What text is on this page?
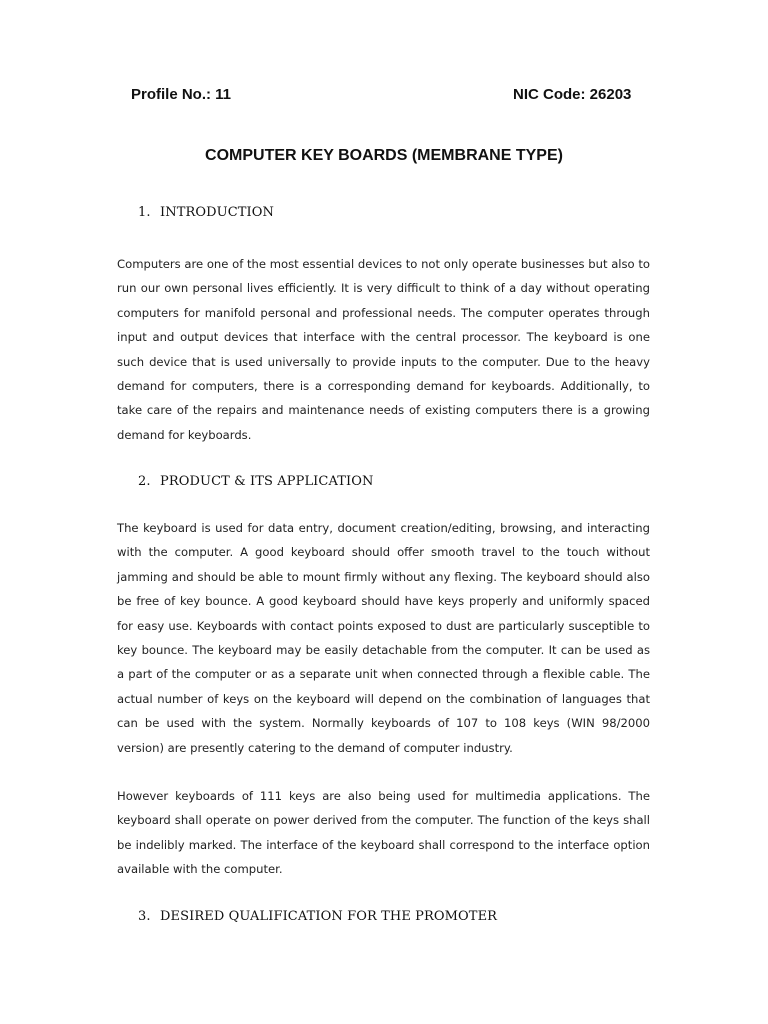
Profile No.: 11	NIC Code: 26203
COMPUTER KEY BOARDS (MEMBRANE TYPE)
1. INTRODUCTION
Computers are one of the most essential devices to not only operate businesses but also to run our own personal lives efficiently. It is very difficult to think of a day without operating computers for manifold personal and professional needs. The computer operates through input and output devices that interface with the central processor. The keyboard is one such device that is used universally to provide inputs to the computer. Due to the heavy demand for computers, there is a corresponding demand for keyboards. Additionally, to take care of the repairs and maintenance needs of existing computers there is a growing demand for keyboards.
2. PRODUCT & ITS APPLICATION
The keyboard is used for data entry, document creation/editing, browsing, and interacting with the computer. A good keyboard should offer smooth travel to the touch without jamming and should be able to mount firmly without any flexing. The keyboard should also be free of key bounce. A good keyboard should have keys properly and uniformly spaced for easy use. Keyboards with contact points exposed to dust are particularly susceptible to key bounce. The keyboard may be easily detachable from the computer. It can be used as a part of the computer or as a separate unit when connected through a flexible cable. The actual number of keys on the keyboard will depend on the combination of languages that can be used with the system. Normally keyboards of 107 to 108 keys (WIN 98/2000 version) are presently catering to the demand of computer industry.
However keyboards of 111 keys are also being used for multimedia applications. The keyboard shall operate on power derived from the computer. The function of the keys shall be indelibly marked. The interface of the keyboard shall correspond to the interface option available with the computer.
3. DESIRED QUALIFICATION FOR THE PROMOTER
